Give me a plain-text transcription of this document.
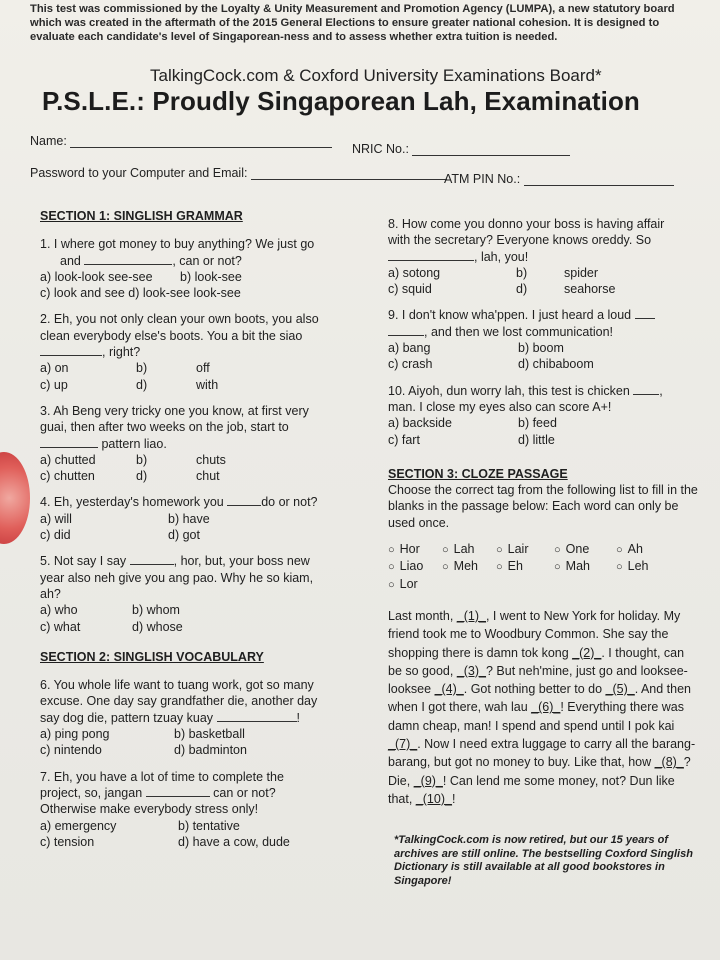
This test was commissioned by the Loyalty & Unity Measurement and Promotion Agency (LUMPA), a new statutory board which was created in the aftermath of the 2015 General Elections to ensure greater national cohesion. It is designed to evaluate each candidate's level of Singaporean-ness and to assess whether extra tuition is needed.
TalkingCock.com & Coxford University Examinations Board*
P.S.L.E.: Proudly Singaporean Lah, Examination
Name:
NRIC No.:
Password to your Computer and Email:	ATM PIN No.:
SECTION 1: SINGLISH GRAMMAR
1. I where got money to buy anything? We just go
and	, can or not?
a) look-look see-see	b) look-see
c) look and see d) look-see look-see
2. Eh, you not only clean your own boots, you also
clean everybody else's boots. You a bit the siao
, right?
a) on	b)	off
c) up	d)	with
3. Ah Beng very tricky one you know, at first very
guai, then after two weeks on the job, start to
pattern liao.
a) chutted	b)	chuts
c) chutten	d)	chut
4. Eh, yesterday's homework you	do or not?
a) will	b) have
c) did	d) got
5. Not say I say	, hor, but, your boss new
year also neh give you ang pao. Why he so kiam,
ah?
a) who	b) whom
c) what	d) whose
SECTION 2: SINGLISH VOCABULARY
6. You whole life want to tuang work, got so many
excuse. One day say grandfather die, another day
say dog die, pattern tzuay kuay	!
a) ping pong	b) basketball
c) nintendo	d) badminton
7. Eh, you have a lot of time to complete the
project, so, jangan	can or not?
Otherwise make everybody stress only!
a) emergency	b) tentative
c) tension	d) have a cow, dude
8. How come you donno your boss is having affair
with the secretary? Everyone knows oreddy. So
, lah, you!
a) sotong	b)	spider
c) squid	d)	seahorse
9. I don't know wha'ppen. I just heard a loud
, and then we lost communication!
a) bang	b) boom
c) crash	d) chibaboom
10. Aiyoh, dun worry lah, this test is chicken ,
man. I close my eyes also can score A+!
a) backside	b) feed
c) fart	d) little
SECTION 3: CLOZE PASSAGE
Choose the correct tag from the following list to fill in the blanks in the passage below: Each word can only be used once.
○ Hor	○ Lah	○ Lair	○ One	○ Ah
○ Liao	○ Meh	○ Eh	○ Mah	○ Leh
○ Lor
Last month, _(1)_, I went to New York for holiday. My friend took me to Woodbury Common. She say the shopping there is damn tok kong _(2)_. I thought, can be so good, _(3)_? But neh'mine, just go and looksee-looksee _(4)_. Got nothing better to do _(5)_. And then when I got there, wah lau _(6)_! Everything there was damn cheap, man! I spend and spend until I pok kai _(7)_. Now I need extra luggage to carry all the barang-barang, but got no money to buy. Like that, how _(8)_? Die, _(9)_! Can lend me some money, not? Dun like that, _(10)_!
*TalkingCock.com is now retired, but our 15 years of archives are still online. The bestselling Coxford Singlish Dictionary is still available at all good bookstores in Singapore!
